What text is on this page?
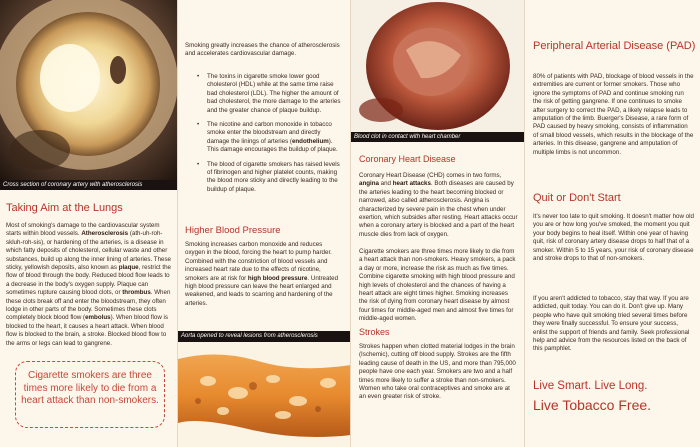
Cross section of coronary artery with atherosclerosis
Taking Aim at the Lungs
Most of smoking's damage to the cardiovascular system starts within blood vessels. Atherosclerosis (ath-uh-roh-skluh-roh-sis), or hardening of the arteries, is a disease in which fatty deposits of cholesterol, cellular waste and other substances, build up along the inner lining of arteries. These sticky, yellowish deposits, also known as plaque, restrict the flow of blood through the body. Reduced blood flow leads to a decrease in the body's oxygen supply. Plaque can sometimes rupture causing blood clots, or thrombus. When these clots break off and enter the bloodstream, they often lodge in other parts of the body. Sometimes these clots completely block blood flow (embolus). When blood flow is blocked to the heart, it causes a heart attack. When blood flow is blocked to the brain, a stroke. Blocked blood flow to the arms or legs can lead to gangrene.
Cigarette smokers are three times more likely to die from a heart attack than non-smokers.
Smoking greatly increases the chance of atherosclerosis and accelerates cardiovascular damage.
• The toxins in cigarette smoke lower good cholesterol (HDL) while at the same time raise bad cholesterol (LDL). The higher the amount of bad cholesterol, the more damage to the arteries and the greater chance of plaque buildup.
• The nicotine and carbon monoxide in tobacco smoke enter the bloodstream and directly damage the linings of arteries (endothelium). This damage encourages the buildup of plaque.
• The blood of cigarette smokers has raised levels of fibrinogen and higher platelet counts, making the blood more sticky and directly leading to the buildup of plaque.
Higher Blood Pressure
Smoking increases carbon monoxide and reduces oxygen in the blood, forcing the heart to pump harder. Combined with the constriction of blood vessels and increased heart rate due to the effects of nicotine, smokers are at risk for high blood pressure. Untreated high blood pressure can leave the heart enlarged and weakened, and leads to scarring and hardening of the arteries.
Aorta opened to reveal lesions from atherosclerosis
Blood clot in contact with heart chamber
Coronary Heart Disease
Coronary Heart Disease (CHD) comes in two forms, angina and heart attacks. Both diseases are caused by the arteries leading to the heart becoming blocked or narrowed, also called atherosclerosis. Angina is characterized by severe pain in the chest when under exertion, which subsides after resting. Heart attacks occur when a coronary artery is blocked and a part of the heart muscle dies from lack of oxygen.
Cigarette smokers are three times more likely to die from a heart attack than non-smokers. Heavy smokers, a pack a day or more, increase the risk as much as five times. Combine cigarette smoking with high blood pressure and high levels of cholesterol and the chances of having a heart attack are eight times higher. Smoking increases the risk of dying from coronary heart disease by almost four times for middle-aged men and almost five times for middle-aged women.
Strokes
Strokes happen when clotted material lodges in the brain (Ischemic), cutting off blood supply. Strokes are the fifth leading cause of death in the US, and more than 795,000 people have one each year. Smokers are two and a half times more likely to suffer a stroke than non-smokers. Women who take oral contraceptives and smoke are at an even greater risk of stroke.
Peripheral Arterial Disease (PAD)
80% of patients with PAD, blockage of blood vessels in the extremities are current or former smokers. Those who ignore the symptoms of PAD and continue smoking run the risk of getting gangrene. If one continues to smoke after surgery to correct the PAD, a likely relapse leads to amputation of the limb. Buerger's Disease, a rare form of PAD caused by heavy smoking, consists of inflammation of small blood vessels, which results in the blockage of the arteries. In this disease, gangrene and amputation of multiple limbs is not uncommon.
Quit or Don't Start
It's never too late to quit smoking. It doesn't matter how old you are or how long you've smoked, the moment you quit your body begins to heal itself. Within one year of having quit, risk of coronary artery disease drops to half that of a smoker. Within 5 to 15 years, your risk of coronary disease and stroke drops to that of non-smokers.
If you aren't addicted to tobacco, stay that way. If you are addicted, quit today. You can do it. Don't give up. Many people who have quit smoking tried several times before they were finally successful. To ensure your success, enlist the support of friends and family. Seek professional help and advice from the resources listed on the back of this pamphlet.
Live Smart. Live Long.
Live Tobacco Free.
